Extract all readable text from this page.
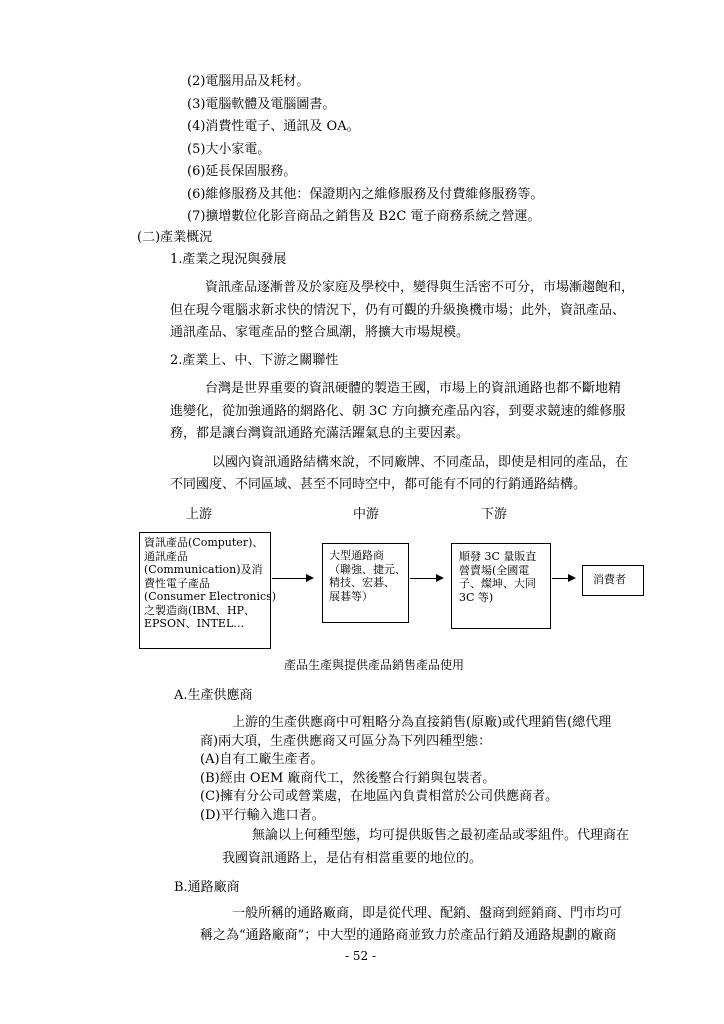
(2)電腦用品及耗材。
(3)電腦軟體及電腦圖書。
(4)消費性電子、通訊及 OA。
(5)大小家電。
(6)延長保固服務。
(6)維修服務及其他：保證期內之維修服務及付費維修服務等。
(7)擴增數位化影音商品之銷售及 B2C 電子商務系統之營運。
(二)產業概況
1.產業之現況與發展
資訊產品逐漸普及於家庭及學校中，變得與生活密不可分，市場漸趨飽和，
但在現今電腦求新求快的情況下，仍有可觀的升級換機市場；此外，資訊產品、
通訊產品、家電產品的整合風潮，將擴大市場規模。
2.產業上、中、下游之關聯性
台灣是世界重要的資訊硬體的製造王國，市場上的資訊通路也都不斷地精
進變化，從加強通路的網路化、朝 3C 方向擴充產品內容，到要求競速的維修服
務，都是讓台灣資訊通路充滿活躍氣息的主要因素。
以國內資訊通路結構來說，不同廠牌、不同產品，即使是相同的產品，在
不同國度、不同區域、甚至不同時空中，都可能有不同的行銷通路結構。
上游	中游	下游
資訊產品(Computer)、
通訊產品
(Communication)及消
費性電子產品
(Consumer Electronics)
之製造商(IBM、HP、
EPSON、INTEL…
大型通路商
（聯強、捷元、
精技、宏碁、
展碁等）
順發 3C 量販直
營賣場(全國電
子、燦坤、大同
3C 等)
消費者
產品生產與提供產品銷售產品使用
A.生產供應商
上游的生產供應商中可粗略分為直接銷售(原廠)或代理銷售(總代理
商)兩大項，生產供應商又可區分為下列四種型態：
(A)自有工廠生產者。
(B)經由 OEM 廠商代工，然後整合行銷與包裝者。
(C)擁有分公司或營業處，在地區內負責相當於公司供應商者。
(D)平行輸入進口者。
無論以上何種型態，均可提供販售之最初產品或零組件。代理商在
我國資訊通路上，是佔有相當重要的地位的。
B.通路廠商
一般所稱的通路廠商，即是從代理、配銷、盤商到經銷商、門市均可
稱之為“通路廠商”；中大型的通路商並致力於產品行銷及通路規劃的廠商
- 52 -
